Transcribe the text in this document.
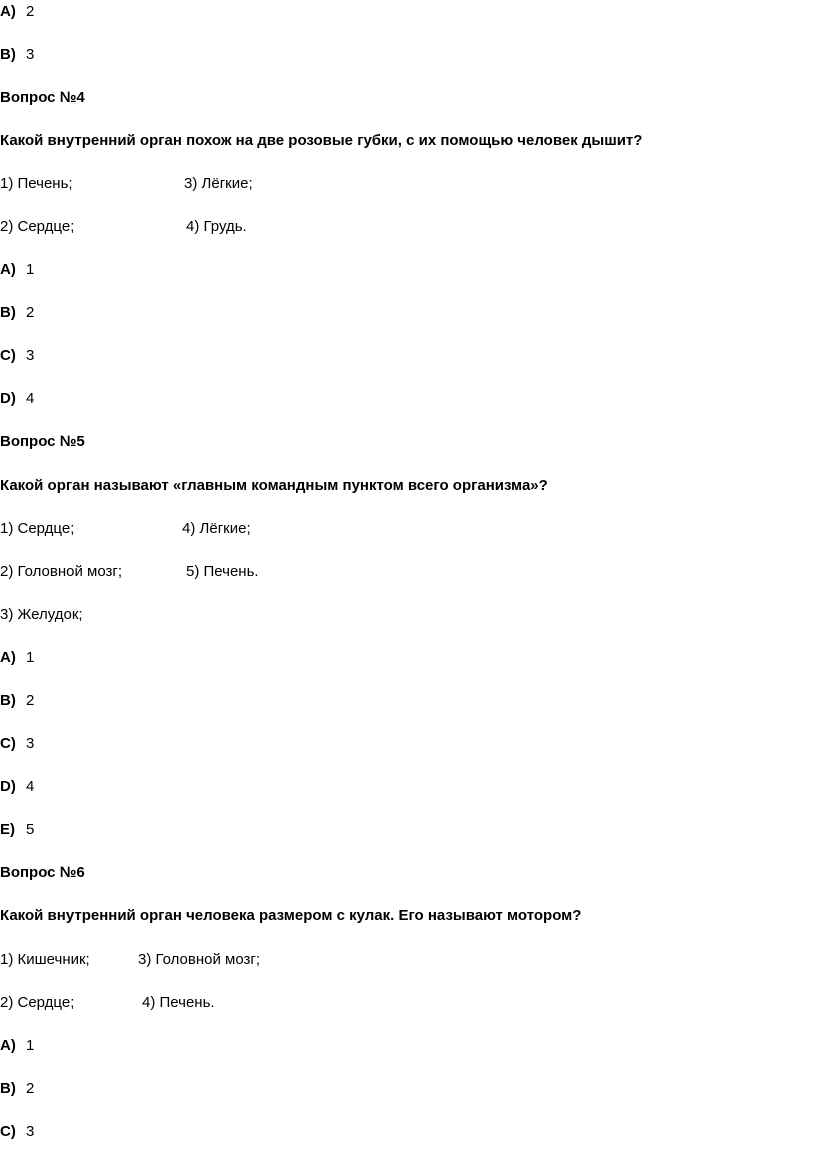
A) 2
B) 3
Вопрос №4
Какой внутренний орган похож на две розовые губки, с их помощью человек дышит?
1) Печень;	3) Лёгкие;
2) Сердце;	4) Грудь.
A) 1
B) 2
C) 3
D) 4
Вопрос №5
Какой орган называют «главным командным пунктом всего организма»?
1) Сердце;	4) Лёгкие;
2) Головной мозг;	5) Печень.
3) Желудок;
A) 1
B) 2
C) 3
D) 4
E) 5
Вопрос №6
Какой внутренний орган человека размером с кулак. Его называют мотором?
1) Кишечник;	3) Головной мозг;
2) Сердце;	4) Печень.
A) 1
B) 2
C) 3
